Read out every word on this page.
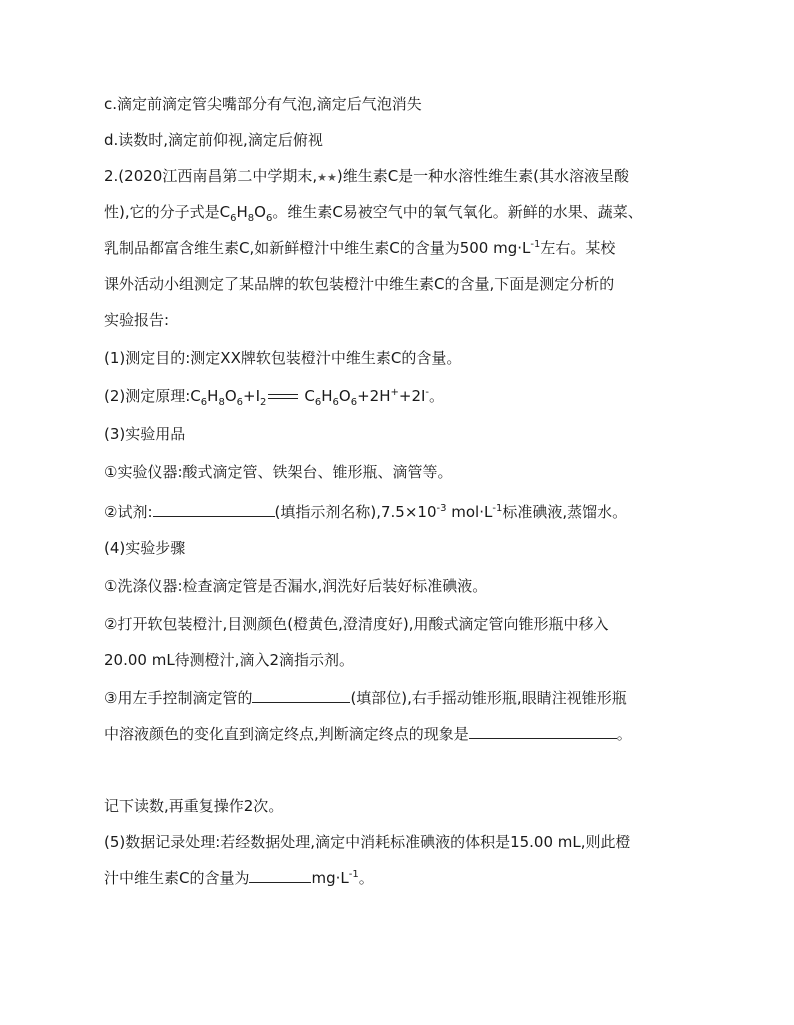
c.滴定前滴定管尖嘴部分有气泡,滴定后气泡消失
d.读数时,滴定前仰视,滴定后俯视
2.(2020江西南昌第二中学期末,★★)维生素C是一种水溶性维生素(其水溶液呈酸
性),它的分子式是$C_6H_8O_6$。维生素C易被空气中的氧气氧化。新鲜的水果、蔬菜、
乳制品都富含维生素C,如新鲜橙汁中维生素C的含量为500 $mg\cdot L^{-1}$左右。某校
课外活动小组测定了某品牌的软包装橙汁中维生素C的含量,下面是测定分析的
实验报告:
(1)测定目的:测定XX牌软包装橙汁中维生素C的含量。
(2)测定原理$:C_6H_8O_6+I_2$	$C_6H_6O_6+2H^++2I^-$。
(3)实验用品
①实验仪器:酸式滴定管、铁架台、锥形瓶、滴管等。
②试剂:	(填指示剂名称)$,7.5\times 10^{-3}$ $mol\cdot L^{-1}$标准碘液,蒸馏水。
(4)实验步骤
①洗涤仪器:检查滴定管是否漏水,润洗好后装好标准碘液。
②打开软包装橙汁,目测颜色(橙黄色,澄清度好),用酸式滴定管向锥形瓶中移入
20.00 mL待测橙汁,滴入2滴指示剂。
③用左手控制滴定管的	(填部位),右手摇动锥形瓶,眼睛注视锥形瓶
中溶液颜色的变化直到滴定终点,判断滴定终点的现象是	。
记下读数,再重复操作2次。
(5)数据记录处理:若经数据处理,滴定中消耗标准碘液的体积是15.00 mL,则此橙
汁中维生素C的含量为	$mg\cdot L^{-1}$。
